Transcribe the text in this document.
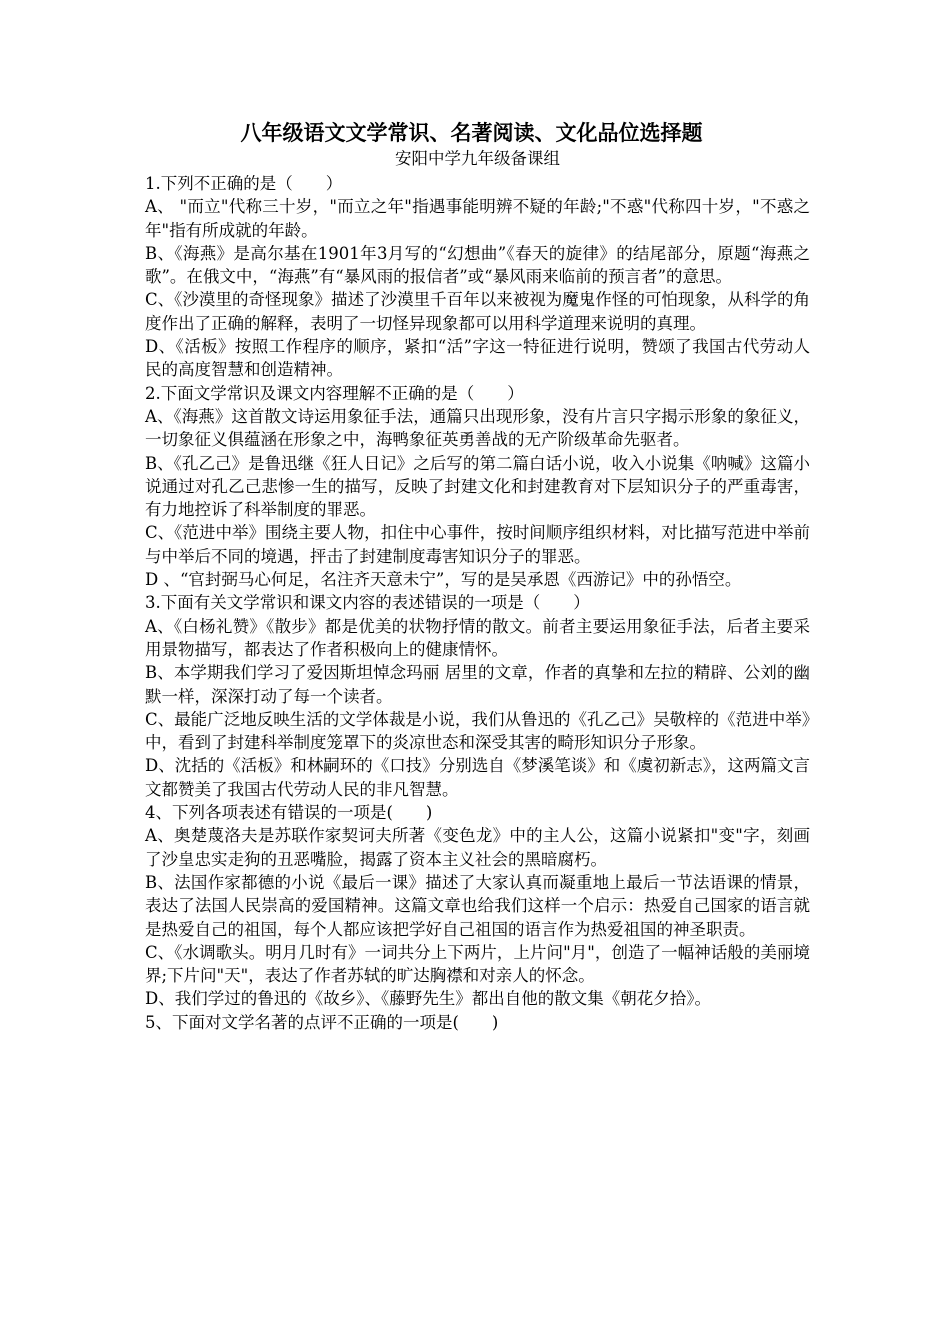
八年级语文文学常识、名著阅读、文化品位选择题
安阳中学九年级备课组

1.下列不正确的是（　　）

A、 "而立"代称三十岁，"而立之年"指遇事能明辨不疑的年龄;"不惑"代称四十岁，"不惑之年"指有所成就的年龄。

B、《海燕》是高尔基在1901年3月写的“幻想曲”《春天的旋律》的结尾部分，原题“海燕之歌”。在俄文中，“海燕”有“暴风雨的报信者”或“暴风雨来临前的预言者”的意思。

C、《沙漠里的奇怪现象》描述了沙漠里千百年以来被视为魔鬼作怪的可怕现象，从科学的角度作出了正确的解释，表明了一切怪异现象都可以用科学道理来说明的真理。

D、《活板》按照工作程序的顺序，紧扣“活”字这一特征进行说明，赞颂了我国古代劳动人民的高度智慧和创造精神。

2.下面文学常识及课文内容理解不正确的是（　　）

A、《海燕》这首散文诗运用象征手法，通篇只出现形象，没有片言只字揭示形象的象征义，一切象征义俱蕴涵在形象之中，海鸭象征英勇善战的无产阶级革命先驱者。

B、《孔乙己》是鲁迅继《狂人日记》之后写的第二篇白话小说，收入小说集《呐喊》这篇小说通过对孔乙己悲惨一生的描写，反映了封建文化和封建教育对下层知识分子的严重毒害，有力地控诉了科举制度的罪恶。

C、《范进中举》围绕主要人物，扣住中心事件，按时间顺序组织材料，对比描写范进中举前与中举后不同的境遇，抨击了封建制度毒害知识分子的罪恶。

D 、“官封弼马心何足，名注齐天意未宁”，写的是吴承恩《西游记》中的孙悟空。

3.下面有关文学常识和课文内容的表述错误的一项是（　　）

A、《白杨礼赞》《散步》都是优美的状物抒情的散文。前者主要运用象征手法，后者主要采用景物描写，都表达了作者积极向上的健康情怀。

B、本学期我们学习了爱因斯坦悼念玛丽 居里的文章，作者的真挚和左拉的精辟、公刘的幽默一样，深深打动了每一个读者。

C、最能广泛地反映生活的文学体裁是小说，我们从鲁迅的《孔乙己》吴敬梓的《范进中举》中，看到了封建科举制度笼罩下的炎凉世态和深受其害的畸形知识分子形象。

D、沈括的《活板》和林嗣环的《口技》分别选自《梦溪笔谈》和《虞初新志》，这两篇文言文都赞美了我国古代劳动人民的非凡智慧。

4、下列各项表述有错误的一项是(　　)

A、奥楚蔑洛夫是苏联作家契诃夫所著《变色龙》中的主人公，这篇小说紧扣"变"字，刻画了沙皇忠实走狗的丑恶嘴脸，揭露了资本主义社会的黑暗腐朽。

B、法国作家都德的小说《最后一课》描述了大家认真而凝重地上最后一节法语课的情景，表达了法国人民崇高的爱国精神。这篇文章也给我们这样一个启示：热爱自己国家的语言就是热爱自己的祖国，每个人都应该把学好自己祖国的语言作为热爱祖国的神圣职责。

C、《水调歌头。明月几时有》一词共分上下两片，上片问"月"，创造了一幅神话般的美丽境界;下片问"天"，表达了作者苏轼的旷达胸襟和对亲人的怀念。

D、我们学过的鲁迅的《故乡》、《藤野先生》都出自他的散文集《朝花夕拾》。

5、下面对文学名著的点评不正确的一项是(　　)
